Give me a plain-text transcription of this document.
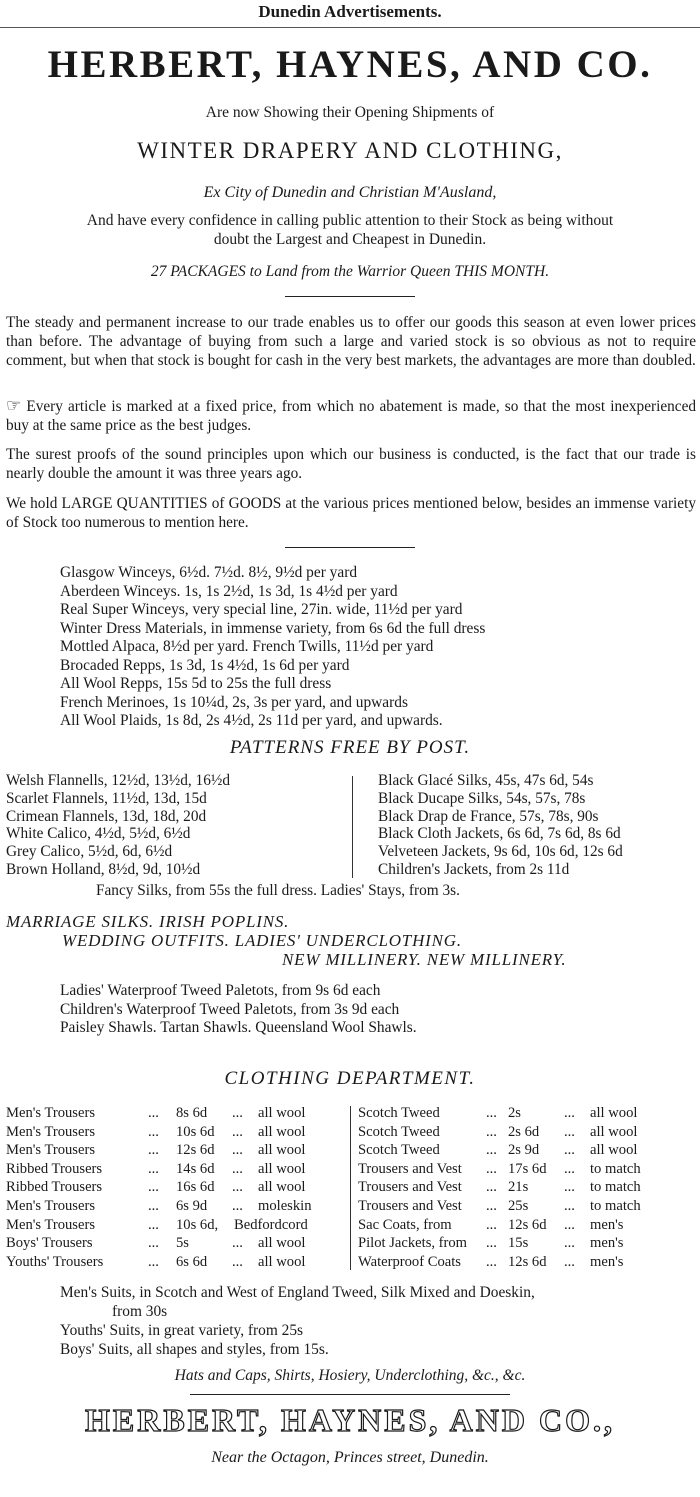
Dunedin Advertisements.
HERBERT, HAYNES, AND CO.
Are now Showing their Opening Shipments of
WINTER DRAPERY AND CLOTHING,
Ex City of Dunedin and Christian M'Ausland,
And have every confidence in calling public attention to their Stock as being without
doubt the Largest and Cheapest in Dunedin.
27 PACKAGES to Land from the Warrior Queen THIS MONTH.
The steady and permanent increase to our trade enables us to offer our goods this season at even lower prices than before. The advantage of buying from such a large and varied stock is so obvious as not to require comment, but when that stock is bought for cash in the very best markets, the advantages are more than doubled.
☞ Every article is marked at a fixed price, from which no abatement is made, so that the most inexperienced buy at the same price as the best judges.
The surest proofs of the sound principles upon which our business is conducted, is the fact that our trade is nearly double the amount it was three years ago.
We hold LARGE QUANTITIES of GOODS at the various prices mentioned below, besides an immense variety of Stock too numerous to mention here.
Glasgow Winceys, 6½d. 7½d. 8½, 9½d per yard
Aberdeen Winceys. 1s, 1s 2½d, 1s 3d, 1s 4½d per yard
Real Super Winceys, very special line, 27in. wide, 11½d per yard
Winter Dress Materials, in immense variety, from 6s 6d the full dress
Mottled Alpaca, 8½d per yard. French Twills, 11½d per yard
Brocaded Repps, 1s 3d, 1s 4½d, 1s 6d per yard
All Wool Repps, 15s 5d to 25s the full dress
French Merinoes, 1s 10¼d, 2s, 3s per yard, and upwards
All Wool Plaids, 1s 8d, 2s 4½d, 2s 11d per yard, and upwards.
PATTERNS FREE BY POST.
Welsh Flannells, 12½d, 13½d, 16½d
Scarlet Flannels, 11½d, 13d, 15d
Crimean Flannels, 13d, 18d, 20d
White Calico, 4½d, 5½d, 6½d
Grey Calico, 5½d, 6d, 6½d
Brown Holland, 8½d, 9d, 10½d
Black Glacé Silks, 45s, 47s 6d, 54s
Black Ducape Silks, 54s, 57s, 78s
Black Drap de France, 57s, 78s, 90s
Black Cloth Jackets, 6s 6d, 7s 6d, 8s 6d
Velveteen Jackets, 9s 6d, 10s 6d, 12s 6d
Children's Jackets, from 2s 11d
Fancy Silks, from 55s the full dress. Ladies' Stays, from 3s.
MARRIAGE SILKS. IRISH POPLINS.
WEDDING OUTFITS. LADIES' UNDERCLOTHING.
NEW MILLINERY. NEW MILLINERY.
Ladies' Waterproof Tweed Paletots, from 9s 6d each
Children's Waterproof Tweed Paletots, from 3s 9d each
Paisley Shawls. Tartan Shawls. Queensland Wool Shawls.
CLOTHING DEPARTMENT.
Men's Trousers	... 8s 6d ... all wool
Men's Trousers	... 10s 6d ... all wool
Men's Trousers	... 12s 6d ... all wool
Ribbed Trousers	... 14s 6d ... all wool
Ribbed Trousers	... 16s 6d ... all wool
Men's Trousers	... 6s 9d ... moleskin
Men's Trousers	... 10s 6d, Bedfordcord
Boys' Trousers	... 5s	... all wool
Youths' Trousers	... 6s 6d ... all wool
Scotch Tweed	... 2s	... all wool
Scotch Tweed	... 2s 6d ... all wool
Scotch Tweed	... 2s 9d ... all wool
Trousers and Vest ... 17s 6d ... to match
Trousers and Vest ... 21s ... to match
Trousers and Vest ... 25s ... to match
Sac Coats, from ... 12s 6d ... men's
Pilot Jackets, from ... 15s ... men's
Waterproof Coats ... 12s 6d ... men's
Men's Suits, in Scotch and West of England Tweed, Silk Mixed and Doeskin,
from 30s
Youths' Suits, in great variety, from 25s
Boys' Suits, all shapes and styles, from 15s.
Hats and Caps, Shirts, Hosiery, Underclothing, &c., &c.
HERBERT, HAYNES, AND CO.,
Near the Octagon, Princes street, Dunedin.
